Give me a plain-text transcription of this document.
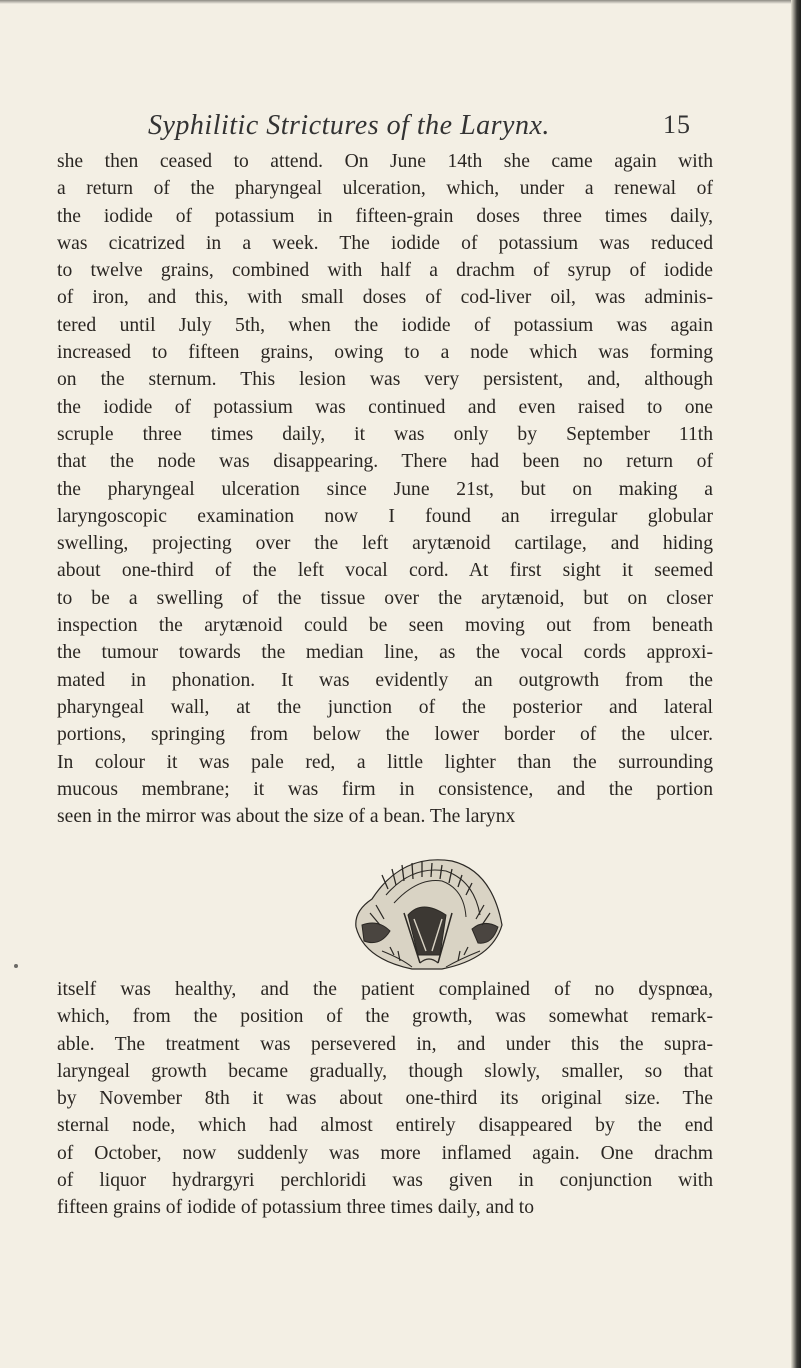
Syphilitic Strictures of the Larynx.	15
she then ceased to attend. On June 14th she came again with
a return of the pharyngeal ulceration, which, under a renewal of
the iodide of potassium in fifteen-grain doses three times daily,
was cicatrized in a week. The iodide of potassium was reduced
to twelve grains, combined with half a drachm of syrup of iodide
of iron, and this, with small doses of cod-liver oil, was adminis-
tered until July 5th, when the iodide of potassium was again
increased to fifteen grains, owing to a node which was forming
on the sternum. This lesion was very persistent, and, although
the iodide of potassium was continued and even raised to one
scruple three times daily, it was only by September 11th
that the node was disappearing. There had been no return of
the pharyngeal ulceration since June 21st, but on making a
laryngoscopic examination now I found an irregular globular
swelling, projecting over the left arytænoid cartilage, and hiding
about one-third of the left vocal cord. At first sight it seemed
to be a swelling of the tissue over the arytænoid, but on closer
inspection the arytænoid could be seen moving out from beneath
the tumour towards the median line, as the vocal cords approxi-
mated in phonation. It was evidently an outgrowth from the
pharyngeal wall, at the junction of the posterior and lateral
portions, springing from below the lower border of the ulcer.
In colour it was pale red, a little lighter than the surrounding
mucous membrane; it was firm in consistence, and the portion
seen in the mirror was about the size of a bean. The larynx
itself was healthy, and the patient complained of no dyspnœa,
which, from the position of the growth, was somewhat remark-
able. The treatment was persevered in, and under this the supra-
laryngeal growth became gradually, though slowly, smaller, so that
by November 8th it was about one-third its original size. The
sternal node, which had almost entirely disappeared by the end
of October, now suddenly was more inflamed again. One drachm
of liquor hydrargyri perchloridi was given in conjunction with
fifteen grains of iodide of potassium three times daily, and to
